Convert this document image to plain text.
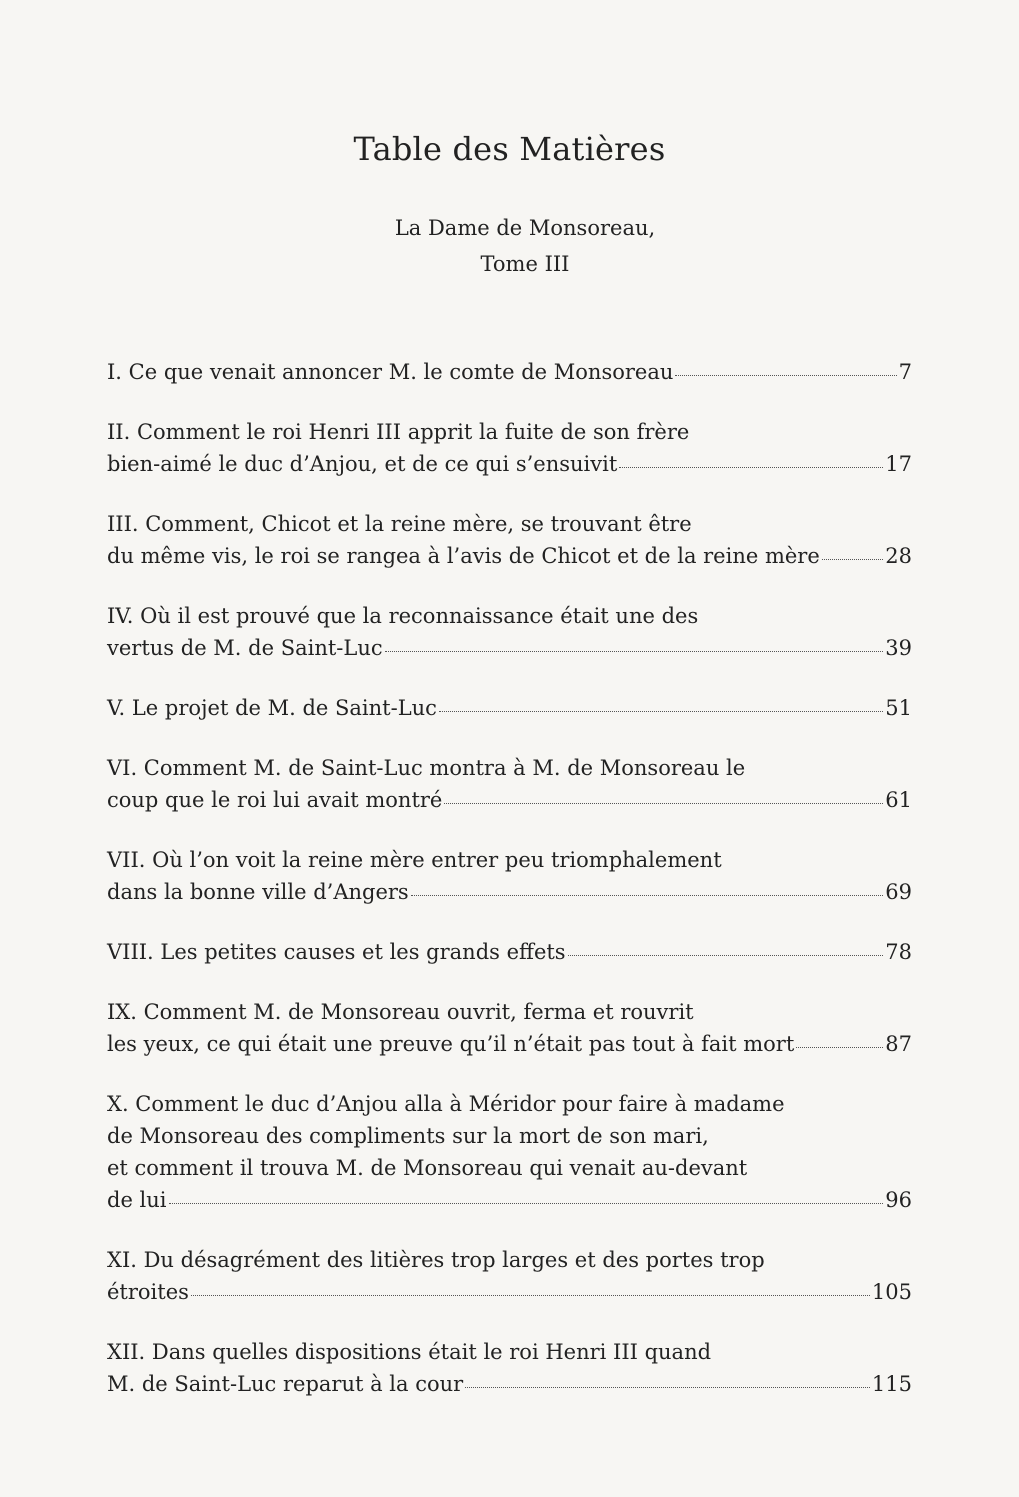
Table des Matières
La Dame de Monsoreau,
Tome III
I. Ce que venait annoncer M. le comte de Monsoreau	7
II. Comment le roi Henri III apprit la fuite de son frère
bien-aimé le duc d’Anjou, et de ce qui s’ensuivit	17
III. Comment, Chicot et la reine mère, se trouvant être
du même vis, le roi se rangea à l’avis de Chicot et de la reine mère	28
IV. Où il est prouvé que la reconnaissance était une des
vertus de M. de Saint-Luc	39
V. Le projet de M. de Saint-Luc	51
VI. Comment M. de Saint-Luc montra à M. de Monsoreau le
coup que le roi lui avait montré	61
VII. Où l’on voit la reine mère entrer peu triomphalement
dans la bonne ville d’Angers	69
VIII. Les petites causes et les grands effets	78
IX. Comment M. de Monsoreau ouvrit, ferma et rouvrit
les yeux, ce qui était une preuve qu’il n’était pas tout à fait mort	87
X. Comment le duc d’Anjou alla à Méridor pour faire à madame
de Monsoreau des compliments sur la mort de son mari,
et comment il trouva M. de Monsoreau qui venait au-devant
de lui	96
XI. Du désagrément des litières trop larges et des portes trop
étroites	105
XII. Dans quelles dispositions était le roi Henri III quand
M. de Saint-Luc reparut à la cour	115
